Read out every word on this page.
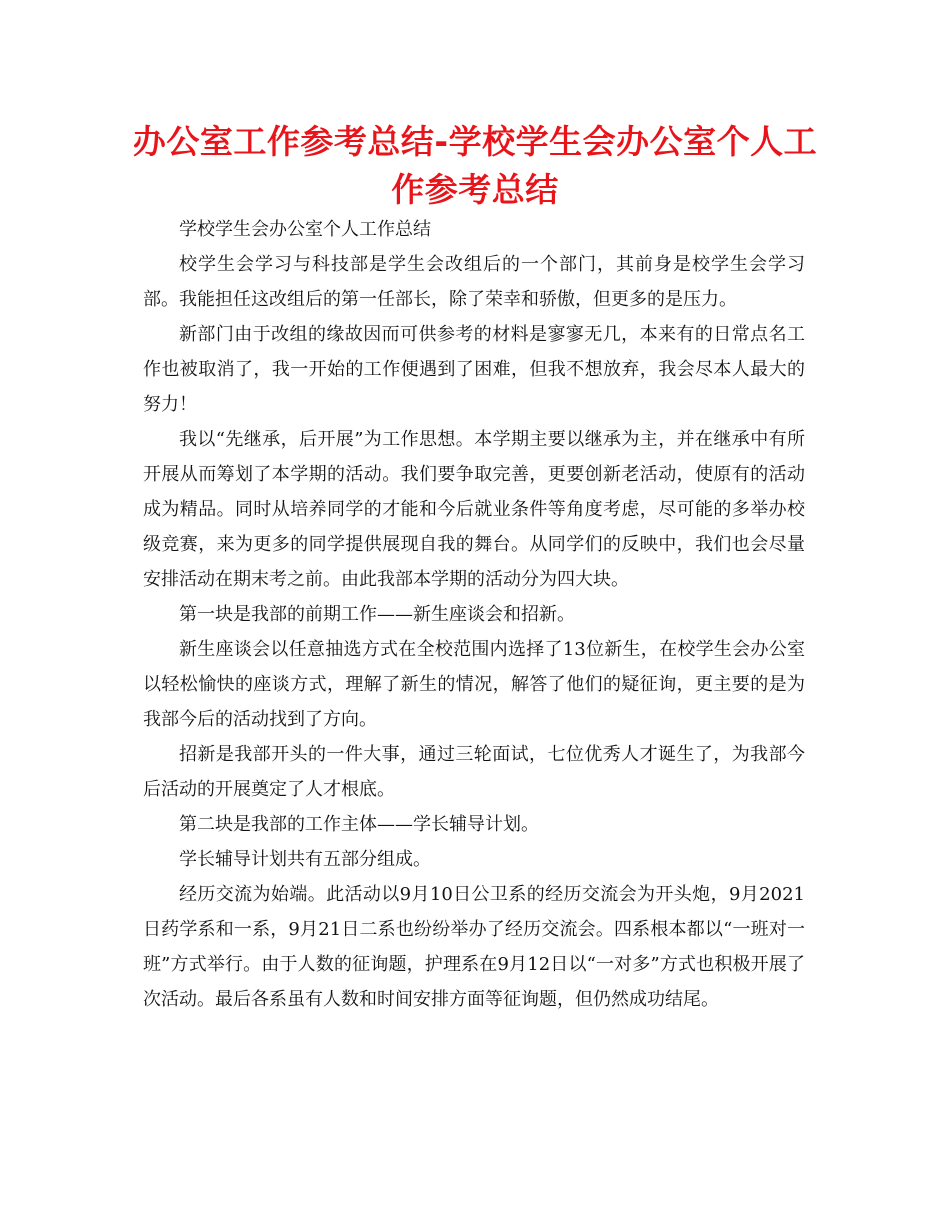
办公室工作参考总结-学校学生会办公室个人工作参考总结

学校学生会办公室个人工作总结

校学生会学习与科技部是学生会改组后的一个部门，其前身是校学生会学习部。我能担任这改组后的第一任部长，除了荣幸和骄傲，但更多的是压力。

新部门由于改组的缘故因而可供参考的材料是寥寥无几，本来有的日常点名工作也被取消了，我一开始的工作便遇到了困难，但我不想放弃，我会尽本人最大的努力！

我以“先继承，后开展”为工作思想。本学期主要以继承为主，并在继承中有所开展从而筹划了本学期的活动。我们要争取完善，更要创新老活动，使原有的活动成为精品。同时从培养同学的才能和今后就业条件等角度考虑，尽可能的多举办校级竞赛，来为更多的同学提供展现自我的舞台。从同学们的反映中，我们也会尽量安排活动在期末考之前。由此我部本学期的活动分为四大块。

第一块是我部的前期工作——新生座谈会和招新。

新生座谈会以任意抽选方式在全校范围内选择了13位新生，在校学生会办公室以轻松愉快的座谈方式，理解了新生的情况，解答了他们的疑征询，更主要的是为我部今后的活动找到了方向。

招新是我部开头的一件大事，通过三轮面试，七位优秀人才诞生了，为我部今后活动的开展奠定了人才根底。

第二块是我部的工作主体——学长辅导计划。

学长辅导计划共有五部分组成。

经历交流为始端。此活动以9月10日公卫系的经历交流会为开头炮，9月2021日药学系和一系，9月21日二系也纷纷举办了经历交流会。四系根本都以“一班对一班”方式举行。由于人数的征询题，护理系在9月12日以“一对多”方式也积极开展了次活动。最后各系虽有人数和时间安排方面等征询题，但仍然成功结尾。
